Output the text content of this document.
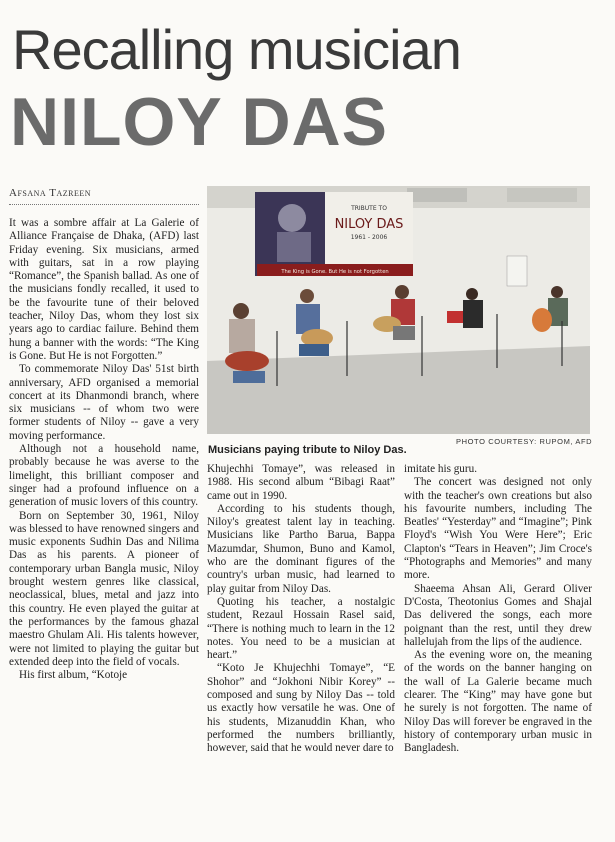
Recalling musician
NILOY DAS
Afsana Tazreen

It was a sombre affair at La Galerie of Alliance Française de Dhaka, (AFD) last Friday evening. Six musicians, armed with guitars, sat in a row playing “Romance”, the Spanish ballad. As one of the musicians fondly recalled, it used to be the favourite tune of their beloved teacher, Niloy Das, whom they lost six years ago to cardiac failure. Behind them hung a banner with the words: “The King is Gone. But He is not Forgotten.”

To commemorate Niloy Das' 51st birth anniversary, AFD organised a memorial concert at its Dhanmondi branch, where six musicians -- of whom two were former students of Niloy -- gave a very moving performance.

Although not a household name, probably because he was averse to the limelight, this brilliant composer and singer had a profound influence on a generation of music lovers of this country.

Born on September 30, 1961, Niloy was blessed to have renowned singers and music exponents Sudhin Das and Nilima Das as his parents. A pioneer of contemporary urban Bangla music, Niloy brought western genres like classical, neoclassical, blues, metal and jazz into this country. He even played the guitar at the performances by the famous ghazal maestro Ghulam Ali. His talents however, were not limited to playing the guitar but extended deep into the field of vocals.

His first album, “Kotoje

TRIBUTE TO
NILOY DAS
1961 - 2006
The King is Gone. But He is not Forgotten
PHOTO COURTESY: RUPOM, AFD
Musicians paying tribute to Niloy Das.

Khujechhi Tomaye”, was released in 1988. His second album “Bibagi Raat” came out in 1990.

According to his students though, Niloy's greatest talent lay in teaching. Musicians like Partho Barua, Bappa Mazumdar, Shumon, Buno and Kamol, who are the dominant figures of the country's urban music, had learned to play guitar from Niloy Das.

Quoting his teacher, a nostalgic student, Rezaul Hossain Rasel said, “There is nothing much to learn in the 12 notes. You need to be a musician at heart.”

“Koto Je Khujechhi Tomaye”, “E Shohor” and “Jokhoni Nibir Korey” -- composed and sung by Niloy Das -- told us exactly how versatile he was. One of his students, Mizanuddin Khan, who performed the numbers brilliantly, however, said that he would never dare to

imitate his guru.

The concert was designed not only with the teacher's own creations but also his favourite numbers, including The Beatles' “Yesterday” and “Imagine”; Pink Floyd's “Wish You Were Here”; Eric Clapton's “Tears in Heaven”; Jim Croce's “Photographs and Memories” and many more.

Shaeema Ahsan Ali, Gerard Oliver D'Costa, Theotonius Gomes and Shajal Das delivered the songs, each more poignant than the rest, until they drew hallelujah from the lips of the audience.

As the evening wore on, the meaning of the words on the banner hanging on the wall of La Galerie became much clearer. The “King” may have gone but he surely is not forgotten. The name of Niloy Das will forever be engraved in the history of contemporary urban music in Bangladesh.
